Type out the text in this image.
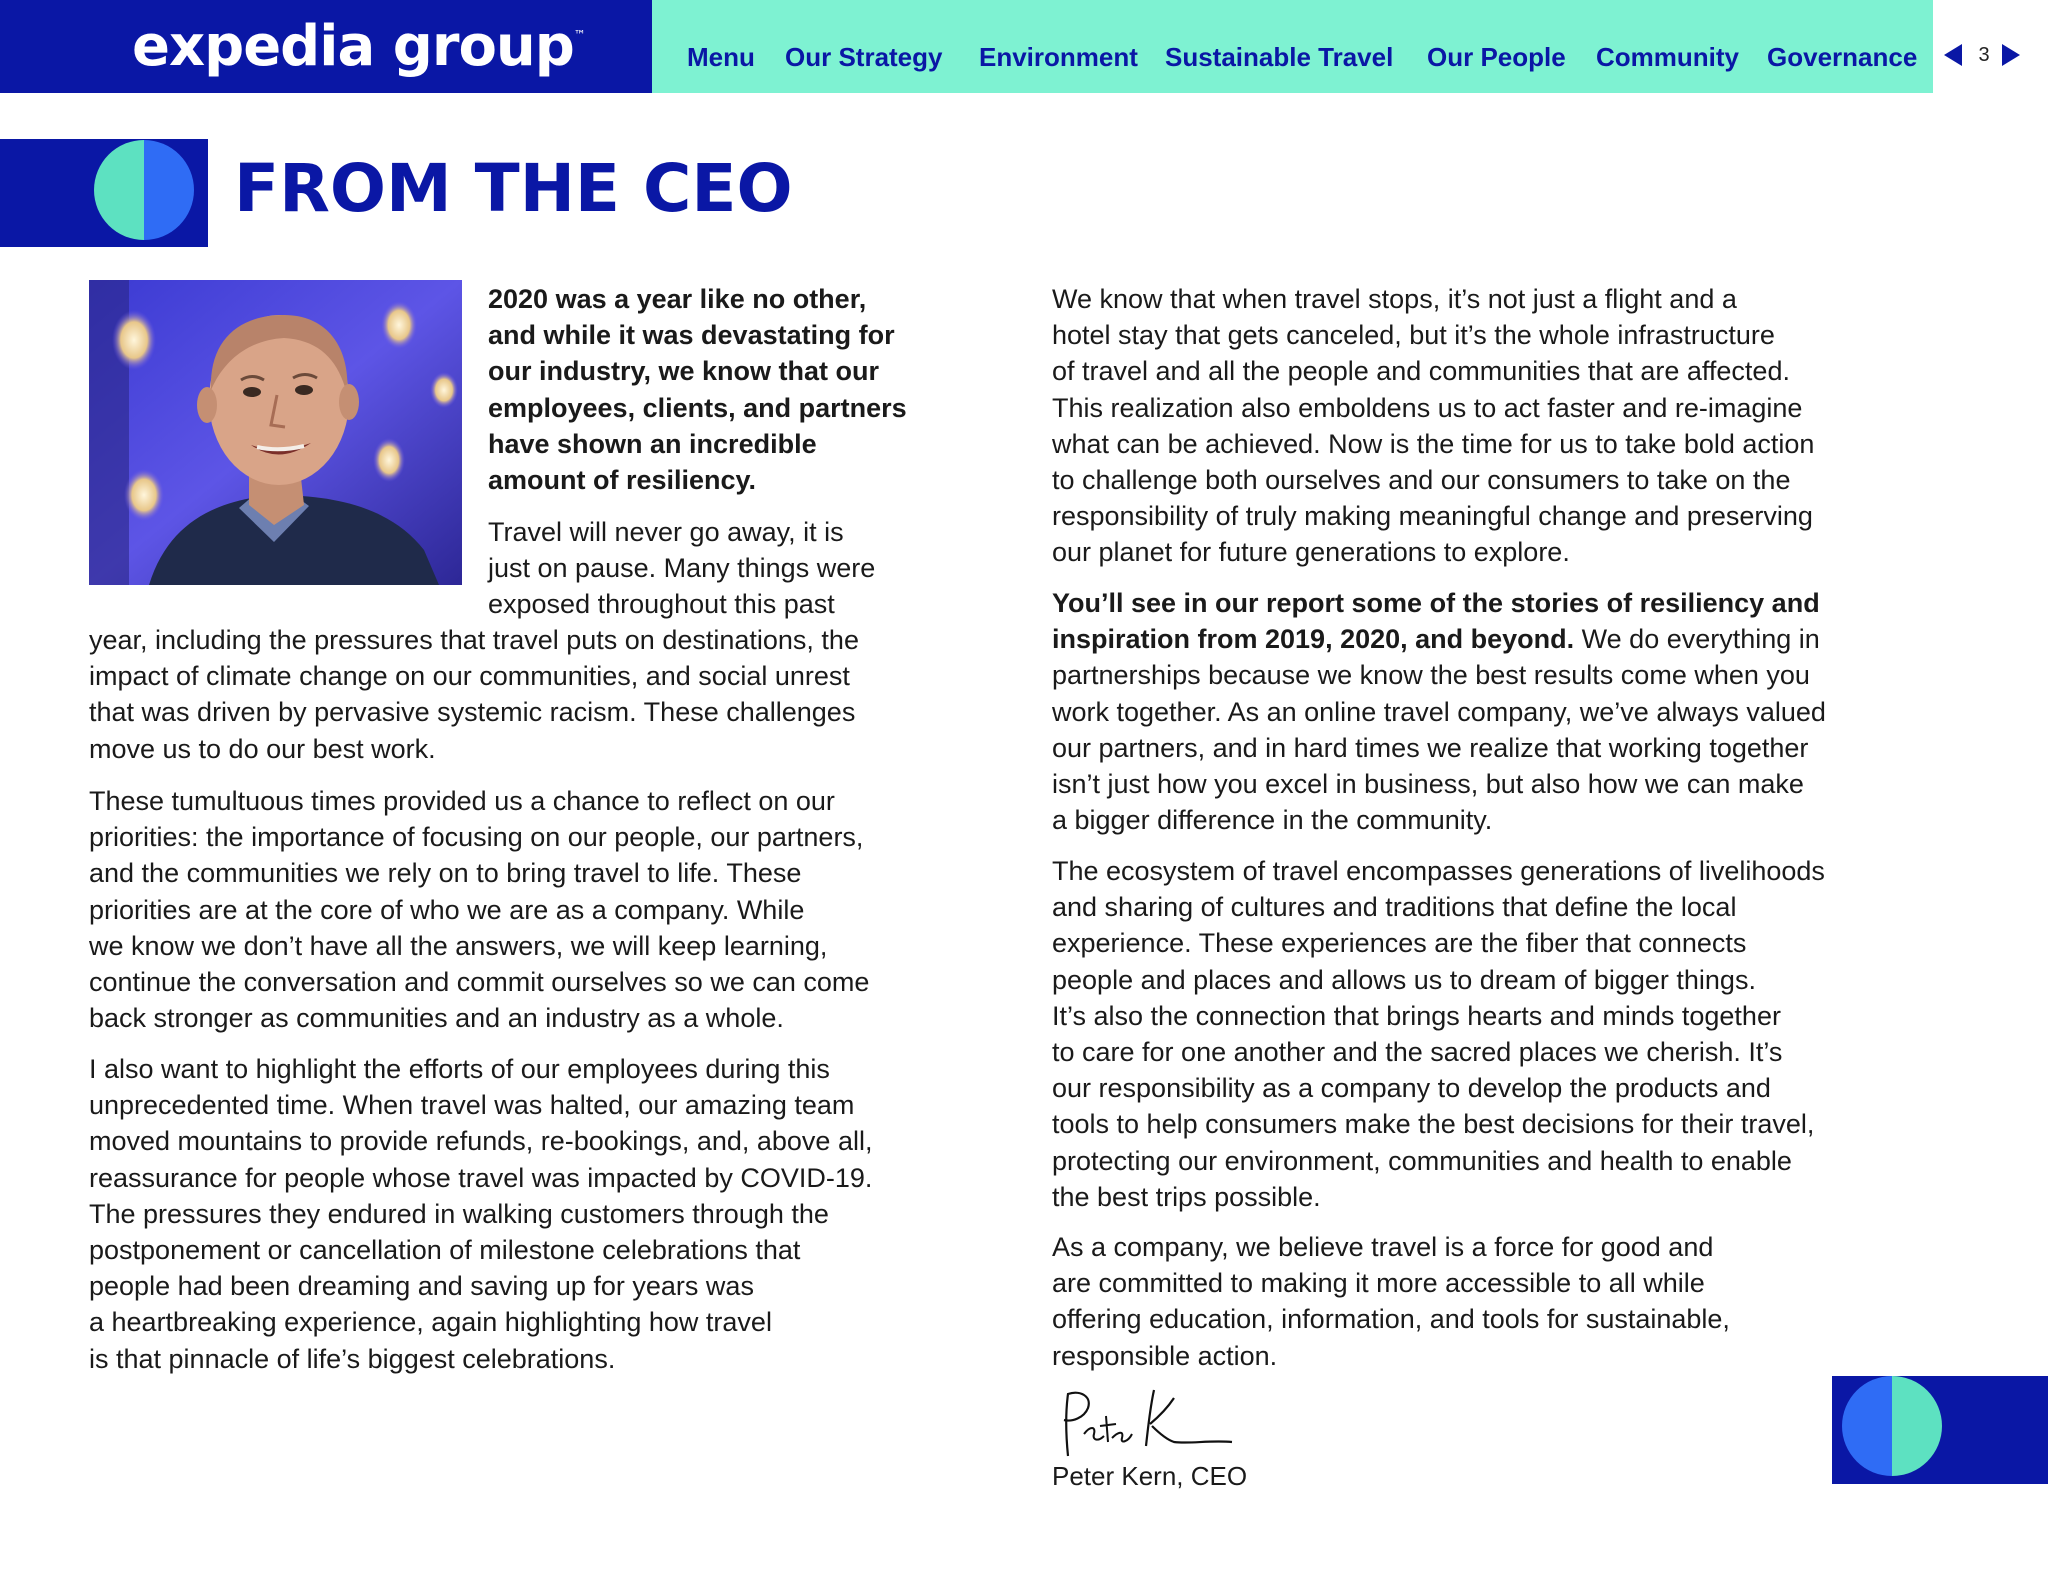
expedia group™
Menu Our Strategy Environment Sustainable Travel Our People Community Governance	3
FROM THE CEO
2020 was a year like no other,
and while it was devastating for
our industry, we know that our
employees, clients, and partners
have shown an incredible
amount of resiliency.
Travel will never go away, it is
just on pause. Many things were
exposed throughout this past
year, including the pressures that travel puts on destinations, the
impact of climate change on our communities, and social unrest
that was driven by pervasive systemic racism. These challenges
move us to do our best work.
These tumultuous times provided us a chance to reflect on our
priorities: the importance of focusing on our people, our partners,
and the communities we rely on to bring travel to life. These
priorities are at the core of who we are as a company. While
we know we don’t have all the answers, we will keep learning,
continue the conversation and commit ourselves so we can come
back stronger as communities and an industry as a whole.
I also want to highlight the efforts of our employees during this
unprecedented time. When travel was halted, our amazing team
moved mountains to provide refunds, re-bookings, and, above all,
reassurance for people whose travel was impacted by COVID-19.
The pressures they endured in walking customers through the
postponement or cancellation of milestone celebrations that
people had been dreaming and saving up for years was
a heartbreaking experience, again highlighting how travel
is that pinnacle of life’s biggest celebrations.
We know that when travel stops, it’s not just a flight and a
hotel stay that gets canceled, but it’s the whole infrastructure
of travel and all the people and communities that are affected.
This realization also emboldens us to act faster and re-imagine
what can be achieved. Now is the time for us to take bold action
to challenge both ourselves and our consumers to take on the
responsibility of truly making meaningful change and preserving
our planet for future generations to explore.
You’ll see in our report some of the stories of resiliency and
inspiration from 2019, 2020, and beyond. We do everything in
partnerships because we know the best results come when you
work together. As an online travel company, we’ve always valued
our partners, and in hard times we realize that working together
isn’t just how you excel in business, but also how we can make
a bigger difference in the community.
The ecosystem of travel encompasses generations of livelihoods
and sharing of cultures and traditions that define the local
experience. These experiences are the fiber that connects
people and places and allows us to dream of bigger things.
It’s also the connection that brings hearts and minds together
to care for one another and the sacred places we cherish. It’s
our responsibility as a company to develop the products and
tools to help consumers make the best decisions for their travel,
protecting our environment, communities and health to enable
the best trips possible.
As a company, we believe travel is a force for good and
are committed to making it more accessible to all while
offering education, information, and tools for sustainable,
responsible action.
Peter Kern, CEO
